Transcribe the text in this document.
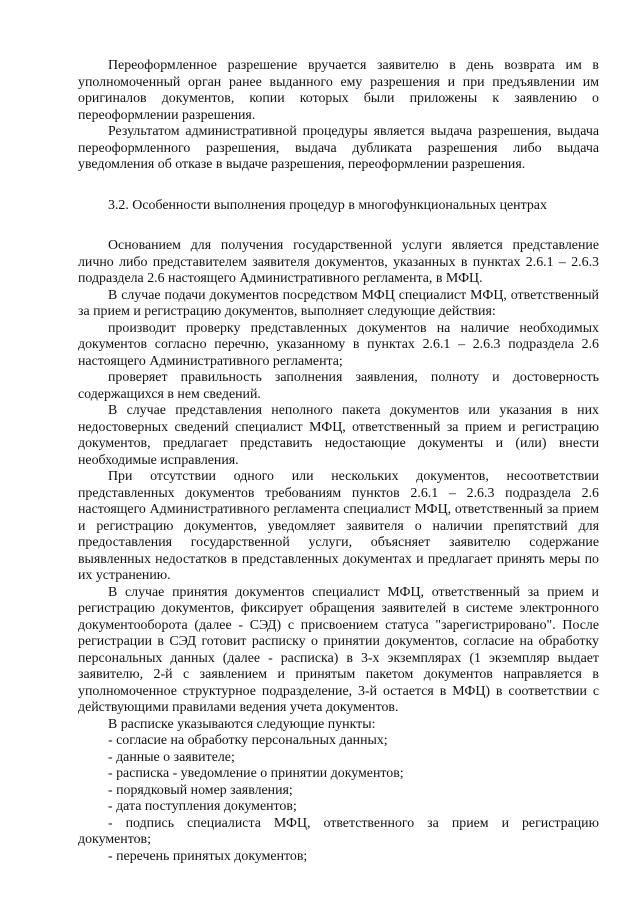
Переоформленное разрешение вручается заявителю в день возврата им в уполномоченный орган ранее выданного ему разрешения и при предъявлении им оригиналов документов, копии которых были приложены к заявлению о переоформлении разрешения.

Результатом административной процедуры является выдача разрешения, выдача переоформленного разрешения, выдача дубликата разрешения либо выдача уведомления об отказе в выдаче разрешения, переоформлении разрешения.

3.2. Особенности выполнения процедур в многофункциональных центрах

Основанием для получения государственной услуги является представление лично либо представителем заявителя документов, указанных в пунктах 2.6.1 – 2.6.3 подраздела 2.6 настоящего Административного регламента, в МФЦ.

В случае подачи документов посредством МФЦ специалист МФЦ, ответственный за прием и регистрацию документов, выполняет следующие действия:

производит проверку представленных документов на наличие необходимых документов согласно перечню, указанному в пунктах 2.6.1 – 2.6.3 подраздела 2.6 настоящего Административного регламента;

проверяет правильность заполнения заявления, полноту и достоверность содержащихся в нем сведений.

В случае представления неполного пакета документов или указания в них недостоверных сведений специалист МФЦ, ответственный за прием и регистрацию документов, предлагает представить недостающие документы и (или) внести необходимые исправления.

При отсутствии одного или нескольких документов, несоответствии представленных документов требованиям пунктов 2.6.1 – 2.6.3 подраздела 2.6 настоящего Административного регламента специалист МФЦ, ответственный за прием и регистрацию документов, уведомляет заявителя о наличии препятствий для предоставления государственной услуги, объясняет заявителю содержание выявленных недостатков в представленных документах и предлагает принять меры по их устранению.

В случае принятия документов специалист МФЦ, ответственный за прием и регистрацию документов, фиксирует обращения заявителей в системе электронного документооборота (далее - СЭД) с присвоением статуса "зарегистрировано". После регистрации в СЭД готовит расписку о принятии документов, согласие на обработку персональных данных (далее - расписка) в 3-х экземплярах (1 экземпляр выдает заявителю, 2-й с заявлением и принятым пакетом документов направляется в уполномоченное структурное подразделение, 3-й остается в МФЦ) в соответствии с действующими правилами ведения учета документов.

В расписке указываются следующие пункты:

- согласие на обработку персональных данных;

- данные о заявителе;

- расписка - уведомление о принятии документов;

- порядковый номер заявления;

- дата поступления документов;

- подпись специалиста МФЦ, ответственного за прием и регистрацию документов;

- перечень принятых документов;
